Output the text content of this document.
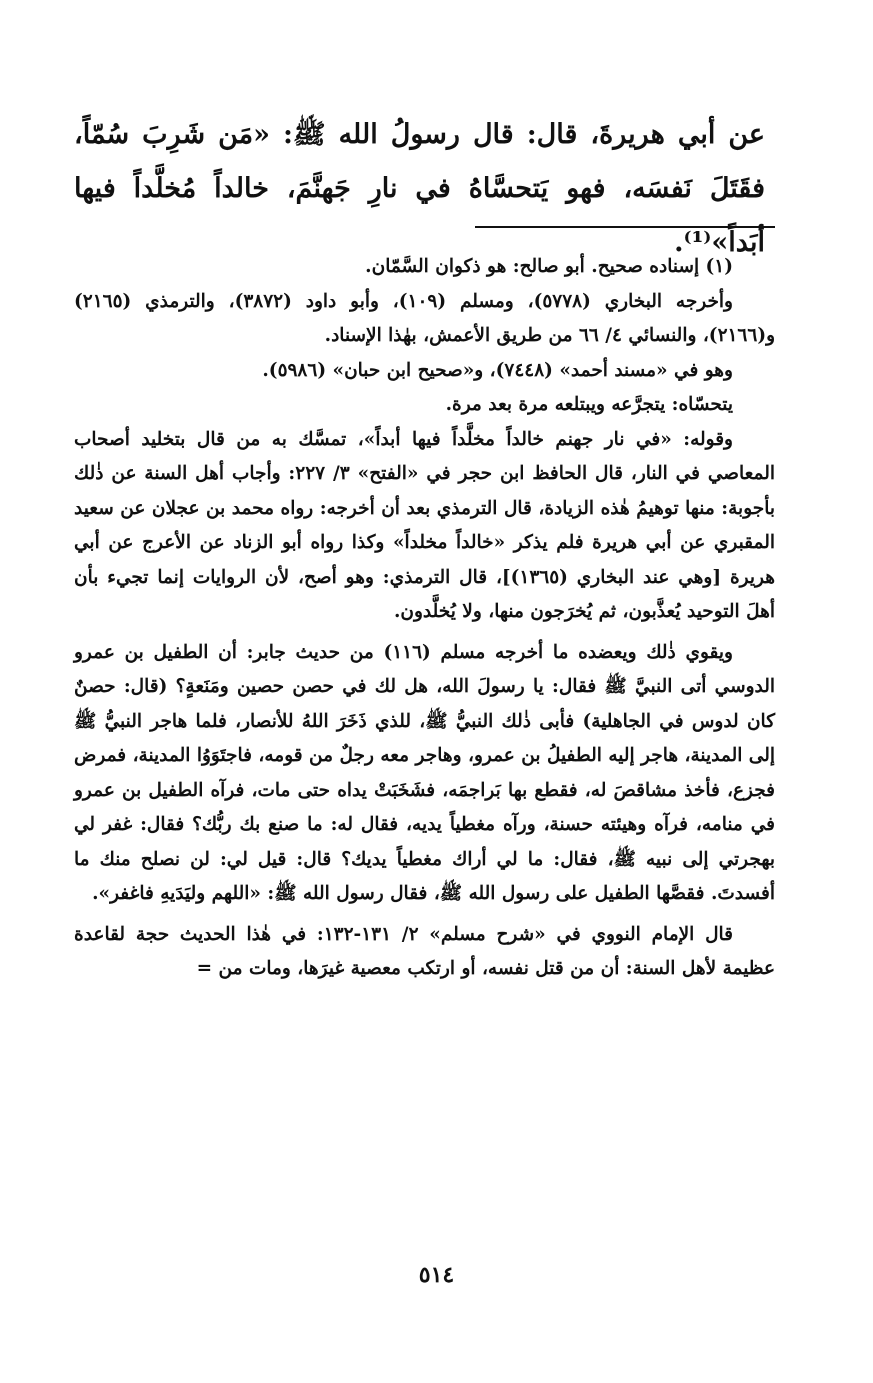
عن أبي هريرةَ، قال: قال رسولُ الله ﷺ: «مَن شَرِبَ سُمّاً، فقَتَلَ نَفسَه، فهو يَتحسَّاهُ في نارِ جَهنَّمَ، خالداً مُخلَّداً فيها أبَداً»⁽¹⁾.

(١) إسناده صحيح. أبو صالح: هو ذكوان السَّمّان.

وأخرجه البخاري (٥٧٧٨)، ومسلم (١٠٩)، وأبو داود (٣٨٧٢)، والترمذي (٢١٦٥) و(٢١٦٦)، والنسائي ٤/ ٦٦ من طريق الأعمش، بهٰذا الإسناد.

وهو في «مسند أحمد» (٧٤٤٨)، و«صحيح ابن حبان» (٥٩٨٦).

يتحسّاه: يتجرَّعه ويبتلعه مرة بعد مرة.

وقوله: «في نار جهنم خالداً مخلَّداً فيها أبداً»، تمسَّك به من قال بتخليد أصحاب المعاصي في النار، قال الحافظ ابن حجر في «الفتح» ٣/ ٢٢٧: وأجاب أهل السنة عن ذٰلك بأجوبة: منها توهيمُ هٰذه الزيادة، قال الترمذي بعد أن أخرجه: رواه محمد بن عجلان عن سعيد المقبري عن أبي هريرة فلم يذكر «خالداً مخلداً» وكذا رواه أبو الزناد عن الأعرج عن أبي هريرة [وهي عند البخاري (١٣٦٥)]، قال الترمذي: وهو أصح، لأن الروايات إنما تجيء بأن أهلَ التوحيد يُعذَّبون، ثم يُخرَجون منها، ولا يُخلَّدون.

ويقوي ذٰلك ويعضده ما أخرجه مسلم (١١٦) من حديث جابر: أن الطفيل بن عمرو الدوسي أتى النبيَّ ﷺ فقال: يا رسولَ الله، هل لك في حصن حصين ومَنَعةٍ؟ (قال: حصنٌ كان لدوس في الجاهلية) فأبى ذٰلك النبيُّ ﷺ، للذي ذَخَرَ اللهُ للأنصار، فلما هاجر النبيُّ ﷺ إلى المدينة، هاجر إليه الطفيلُ بن عمرو، وهاجر معه رجلٌ من قومه، فاجتَوَوُا المدينة، فمرض فجزع، فأخذ مشاقصَ له، فقطع بها بَراجمَه، فشَخَبَتْ يداه حتى مات، فرآه الطفيل بن عمرو في منامه، فرآه وهيئته حسنة، ورآه مغطياً يديه، فقال له: ما صنع بك ربُّك؟ فقال: غفر لي بهجرتي إلى نبيه ﷺ، فقال: ما لي أراك مغطياً يديك؟ قال: قيل لي: لن نصلح منك ما أفسدتَ. فقصَّها الطفيل على رسول الله ﷺ، فقال رسول الله ﷺ: «اللهم وليَدَيهِ فاغفر».

قال الإمام النووي في «شرح مسلم» ٢/ ١٣١-١٣٢: في هٰذا الحديث حجة لقاعدة عظيمة لأهل السنة: أن من قتل نفسه، أو ارتكب معصية غيرَها، ومات من =

٥١٤
